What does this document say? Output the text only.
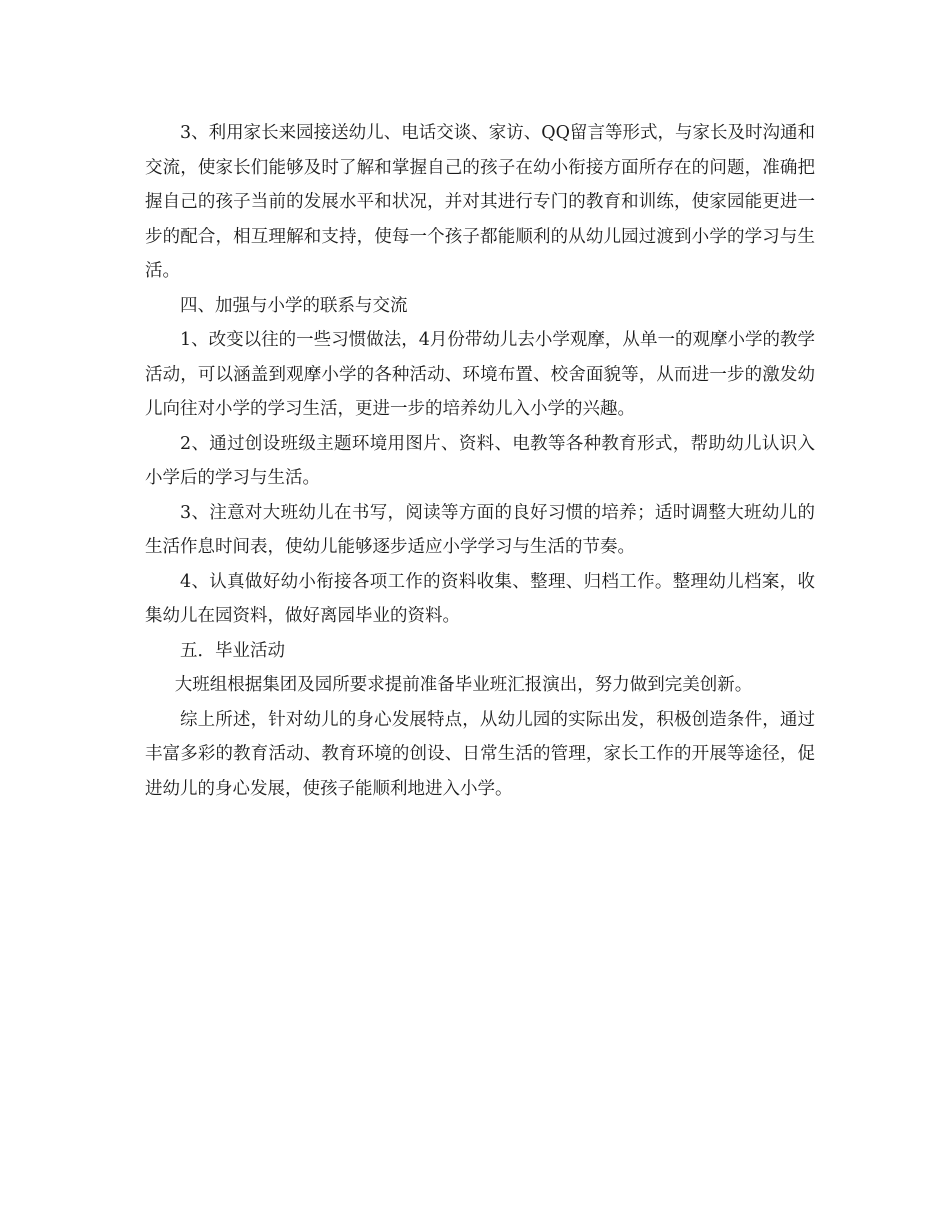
3、利用家长来园接送幼儿、电话交谈、家访、QQ留言等形式，与家长及时沟通和交流，使家长们能够及时了解和掌握自己的孩子在幼小衔接方面所存在的问题，准确把握自己的孩子当前的发展水平和状况，并对其进行专门的教育和训练，使家园能更进一步的配合，相互理解和支持，使每一个孩子都能顺利的从幼儿园过渡到小学的学习与生活。

四、加强与小学的联系与交流

1、改变以往的一些习惯做法，4月份带幼儿去小学观摩，从单一的观摩小学的教学活动，可以涵盖到观摩小学的各种活动、环境布置、校舍面貌等，从而进一步的激发幼儿向往对小学的学习生活，更进一步的培养幼儿入小学的兴趣。

2、通过创设班级主题环境用图片、资料、电教等各种教育形式，帮助幼儿认识入小学后的学习与生活。

3、注意对大班幼儿在书写，阅读等方面的良好习惯的培养；适时调整大班幼儿的生活作息时间表，使幼儿能够逐步适应小学学习与生活的节奏。

4、认真做好幼小衔接各项工作的资料收集、整理、归档工作。整理幼儿档案，收集幼儿在园资料，做好离园毕业的资料。

五．毕业活动

大班组根据集团及园所要求提前准备毕业班汇报演出，努力做到完美创新。

综上所述，针对幼儿的身心发展特点，从幼儿园的实际出发，积极创造条件，通过丰富多彩的教育活动、教育环境的创设、日常生活的管理，家长工作的开展等途径，促进幼儿的身心发展，使孩子能顺利地进入小学。
